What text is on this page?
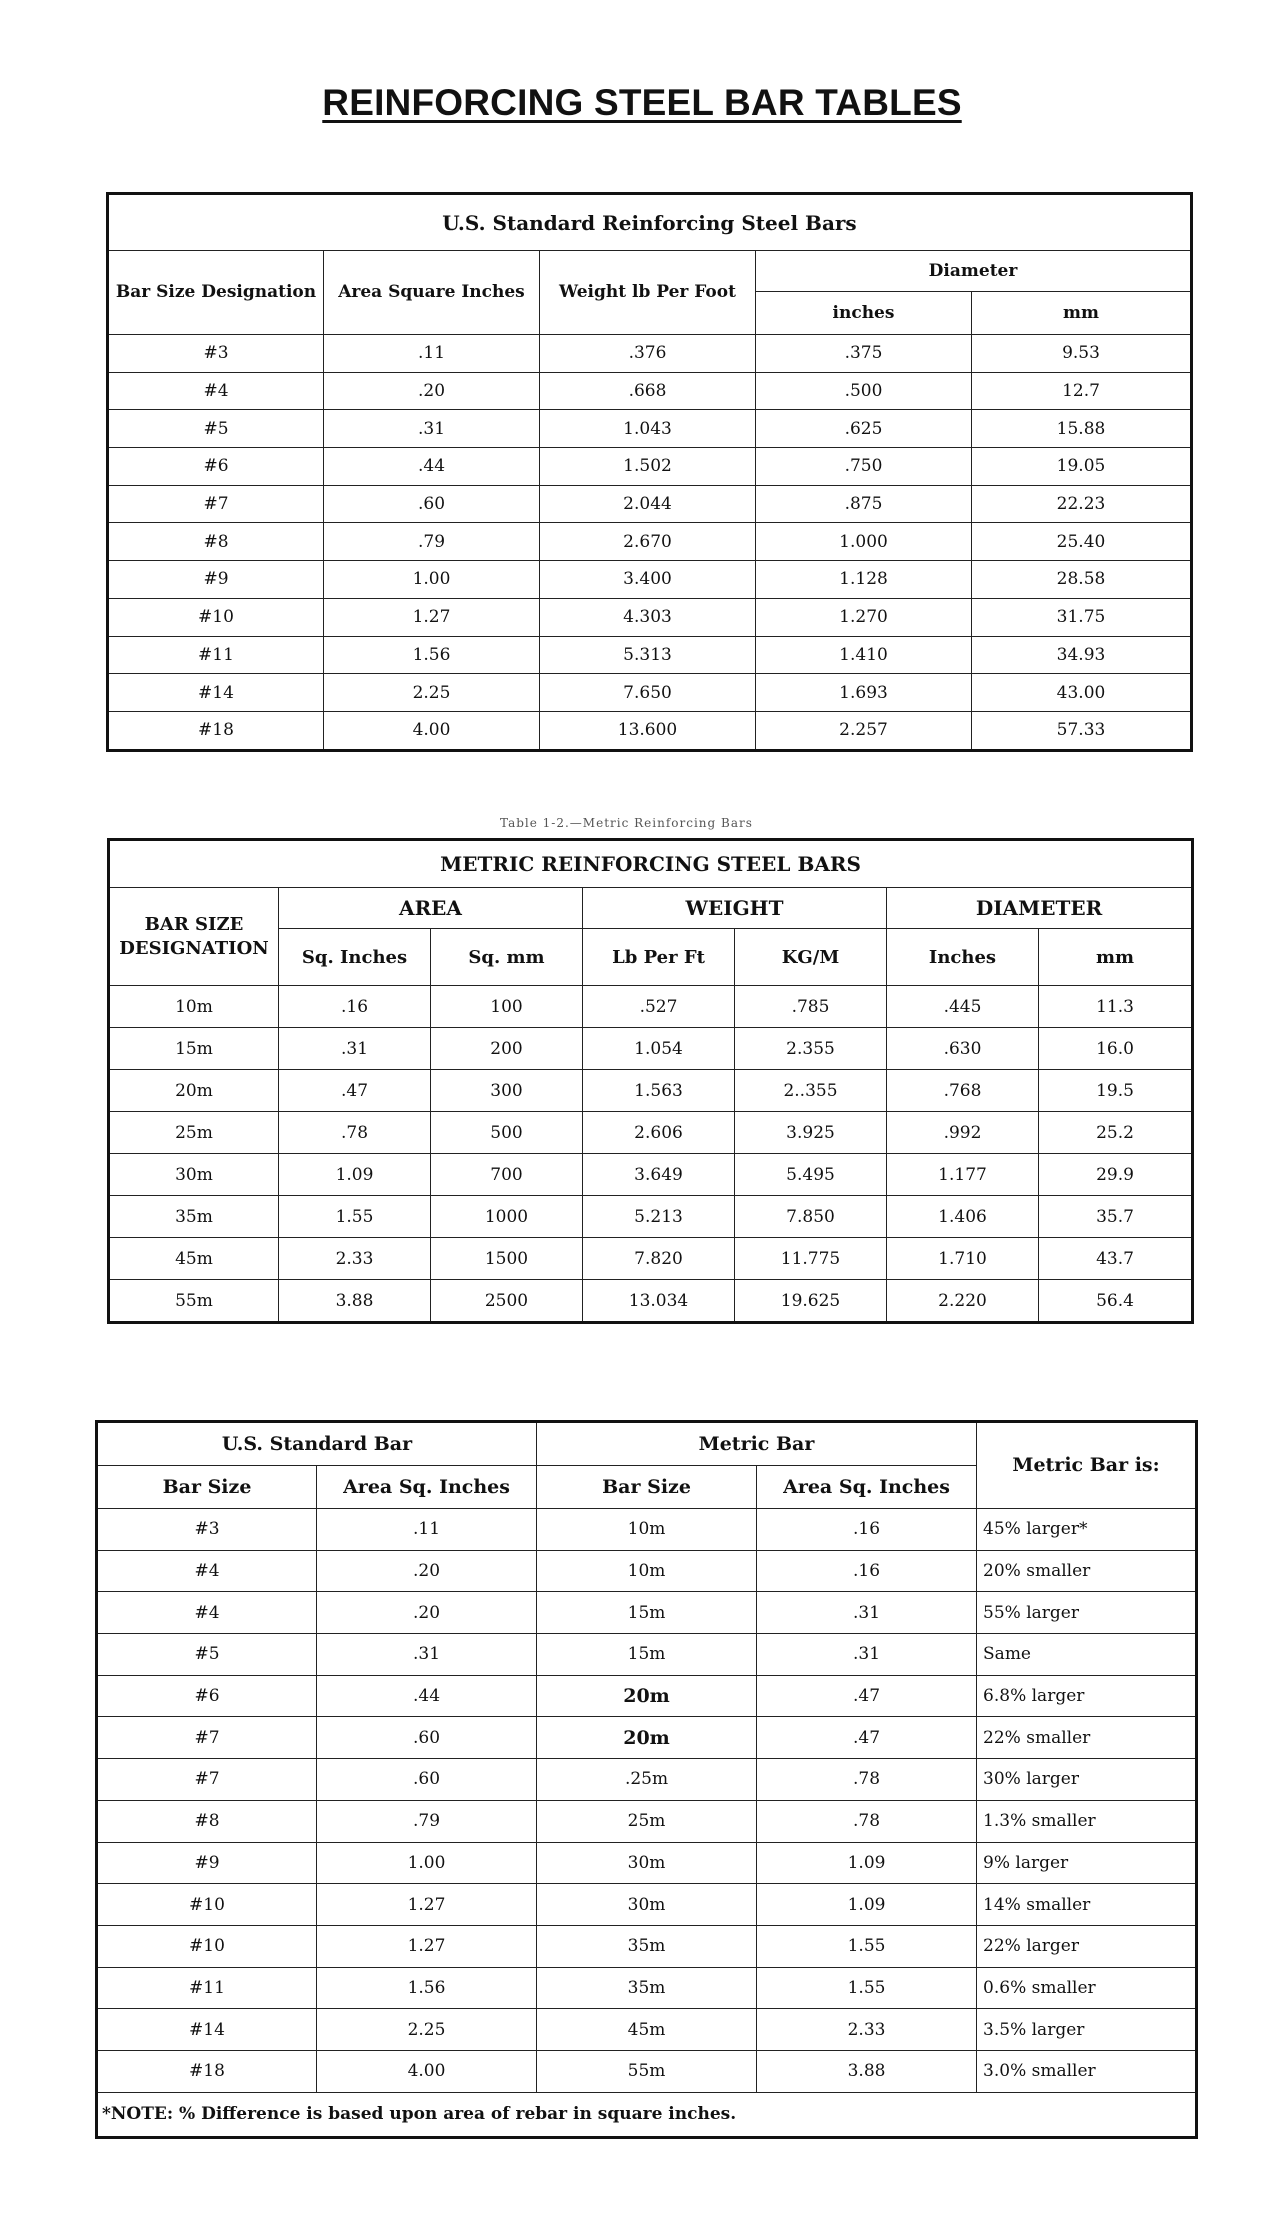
REINFORCING STEEL BAR TABLES
U.S. Standard Reinforcing Steel Bars				
Bar Size Designation	Area Square Inches	Weight lb Per Foot	Diameter	
			inches	mm
#3	.11	.376	.375	9.53
#4	.20	.668	.500	12.7
#5	.31	1.043	.625	15.88
#6	.44	1.502	.750	19.05
#7	.60	2.044	.875	22.23
#8	.79	2.670	1.000	25.40
#9	1.00	3.400	1.128	28.58
#10	1.27	4.303	1.270	31.75
#11	1.56	5.313	1.410	34.93
#14	2.25	7.650	1.693	43.00
#18	4.00	13.600	2.257	57.33
Table 1-2.—Metric Reinforcing Bars
METRIC REINFORCING STEEL BARS						
BAR SIZE DESIGNATION	AREA		WEIGHT		DIAMETER	
	Sq. Inches	Sq. mm	Lb Per Ft	KG/M	Inches	mm
10m	.16	100	.527	.785	.445	11.3
15m	.31	200	1.054	2.355	.630	16.0
20m	.47	300	1.563	2..355	.768	19.5
25m	.78	500	2.606	3.925	.992	25.2
30m	1.09	700	3.649	5.495	1.177	29.9
35m	1.55	1000	5.213	7.850	1.406	35.7
45m	2.33	1500	7.820	11.775	1.710	43.7
55m	3.88	2500	13.034	19.625	2.220	56.4
U.S. Standard Bar		Metric Bar		Metric Bar is:
Bar Size	Area Sq. Inches	Bar Size	Area Sq. Inches	
#3	.11	10m	.16	45% larger*
#4	.20	10m	.16	20% smaller
#4	.20	15m	.31	55% larger
#5	.31	15m	.31	Same
#6	.44	20m	.47	6.8% larger
#7	.60	20m	.47	22% smaller
#7	.60	.25m	.78	30% larger
#8	.79	25m	.78	1.3% smaller
#9	1.00	30m	1.09	9% larger
#10	1.27	30m	1.09	14% smaller
#10	1.27	35m	1.55	22% larger
#11	1.56	35m	1.55	0.6% smaller
#14	2.25	45m	2.33	3.5% larger
#18	4.00	55m	3.88	3.0% smaller
*NOTE: % Difference is based upon area of rebar in square inches.				
